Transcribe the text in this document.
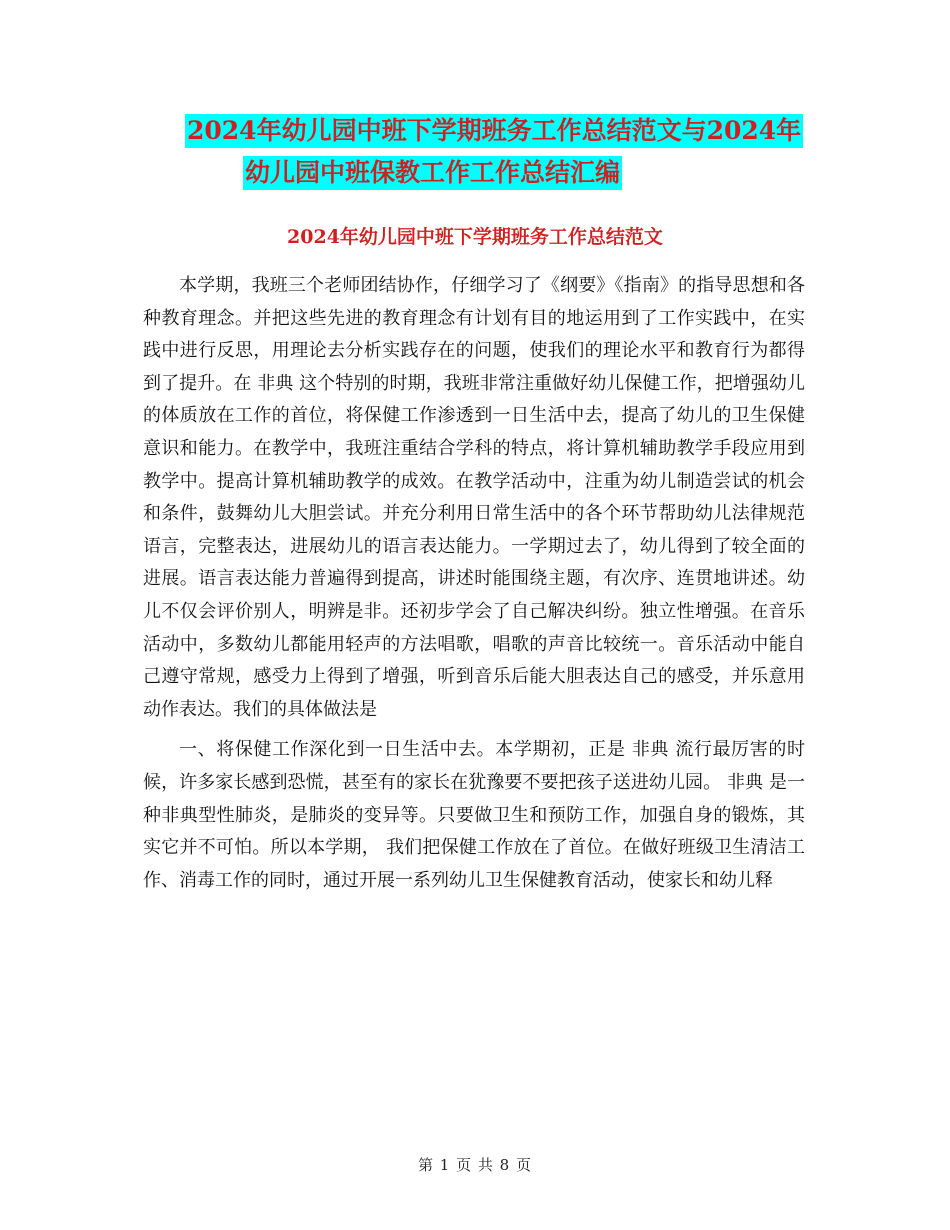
2024年幼儿园中班下学期班务工作总结范文与2024年
幼儿园中班保教工作工作总结汇编
2024年幼儿园中班下学期班务工作总结范文

本学期，我班三个老师团结协作，仔细学习了《纲要》《指南》的指导思想和各种教育理念。并把这些先进的教育理念有计划有目的地运用到了工作实践中，在实践中进行反思，用理论去分析实践存在的问题，使我们的理论水平和教育行为都得到了提升。在 非典 这个特别的时期，我班非常注重做好幼儿保健工作，把增强幼儿的体质放在工作的首位，将保健工作渗透到一日生活中去，提高了幼儿的卫生保健意识和能力。在教学中，我班注重结合学科的特点，将计算机辅助教学手段应用到教学中。提高计算机辅助教学的成效。在教学活动中，注重为幼儿制造尝试的机会和条件，鼓舞幼儿大胆尝试。并充分利用日常生活中的各个环节帮助幼儿法律规范语言，完整表达，进展幼儿的语言表达能力。一学期过去了，幼儿得到了较全面的进展。语言表达能力普遍得到提高，讲述时能围绕主题，有次序、连贯地讲述。幼儿不仅会评价别人，明辨是非。还初步学会了自己解决纠纷。独立性增强。在音乐活动中，多数幼儿都能用轻声的方法唱歌，唱歌的声音比较统一。音乐活动中能自己遵守常规，感受力上得到了增强，听到音乐后能大胆表达自己的感受，并乐意用动作表达。我们的具体做法是

一、将保健工作深化到一日生活中去。本学期初，正是 非典 流行最厉害的时候，许多家长感到恐慌，甚至有的家长在犹豫要不要把孩子送进幼儿园。 非典 是一种非典型性肺炎，是肺炎的变异等。只要做卫生和预防工作，加强自身的锻炼，其实它并不可怕。所以本学期， 我们把保健工作放在了首位。在做好班级卫生清洁工作、消毒工作的同时，通过开展一系列幼儿卫生保健教育活动，使家长和幼儿释

第 1 页 共 8 页
